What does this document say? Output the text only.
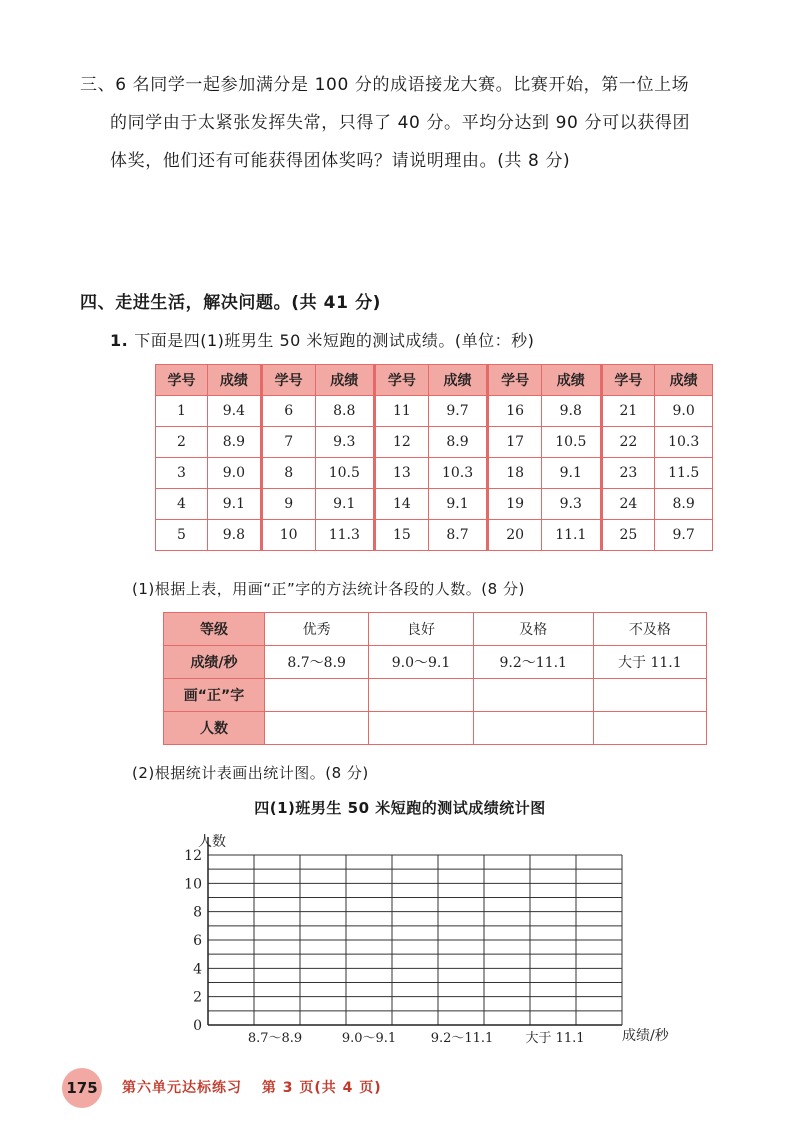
三、6 名同学一起参加满分是 100 分的成语接龙大赛。比赛开始，第一位上场
的同学由于太紧张发挥失常，只得了 40 分。平均分达到 90 分可以获得团
体奖，他们还有可能获得团体奖吗？请说明理由。(共 8 分)
四、走进生活，解决问题。(共 41 分)
1. 下面是四(1)班男生 50 米短跑的测试成绩。(单位：秒)
学号	成绩	学号	成绩	学号	成绩	学号	成绩	学号	成绩
1	9.4	6	8.8	11	9.7	16	9.8	21	9.0
2	8.9	7	9.3	12	8.9	17	10.5	22	10.3
3	9.0	8	10.5	13	10.3	18	9.1	23	11.5
4	9.1	9	9.1	14	9.1	19	9.3	24	8.9
5	9.8	10	11.3	15	8.7	20	11.1	25	9.7
(1)根据上表，用画“正”字的方法统计各段的人数。(8 分)
等级	优秀	良好	及格	不及格
成绩/秒	8.7～8.9	9.0～9.1	9.2～11.1	大于 11.1
画“正”字				
人数				
(2)根据统计表画出统计图。(8 分)
四(1)班男生 50 米短跑的测试成绩统计图
0
2
4
6
8
10
12
8.7～8.9	9.0～9.1	9.2～11.1 大于 11.1
人数
成绩/秒
175	第六单元达标练习 第 3 页(共 4 页)
